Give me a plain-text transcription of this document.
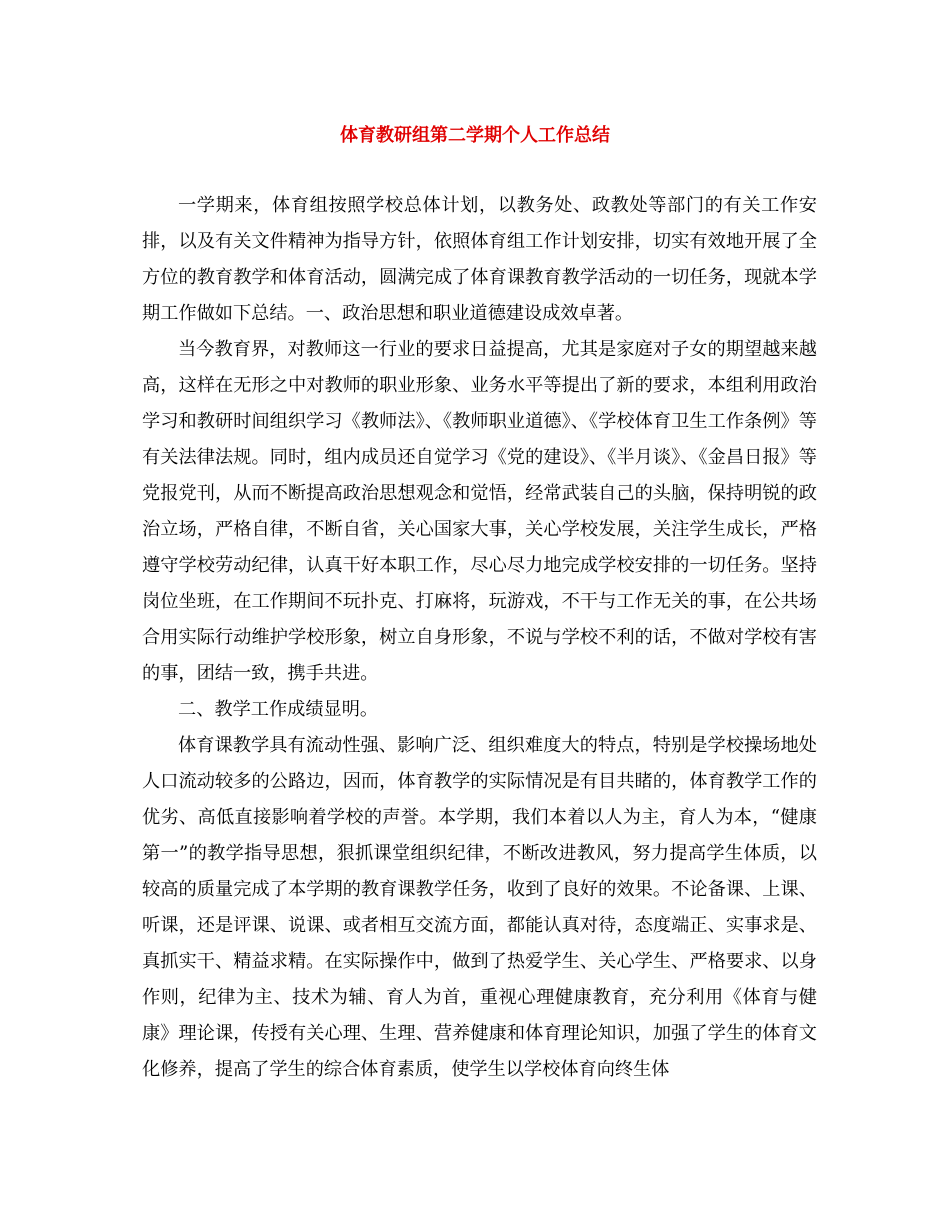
体育教研组第二学期个人工作总结

一学期来，体育组按照学校总体计划，以教务处、政教处等部门的有关工作安排，以及有关文件精神为指导方针，依照体育组工作计划安排，切实有效地开展了全方位的教育教学和体育活动，圆满完成了体育课教育教学活动的一切任务，现就本学期工作做如下总结。一、政治思想和职业道德建设成效卓著。

当今教育界，对教师这一行业的要求日益提高，尤其是家庭对子女的期望越来越高，这样在无形之中对教师的职业形象、业务水平等提出了新的要求，本组利用政治学习和教研时间组织学习《教师法》、《教师职业道德》、《学校体育卫生工作条例》等有关法律法规。同时，组内成员还自觉学习《党的建设》、《半月谈》、《金昌日报》等党报党刊，从而不断提高政治思想观念和觉悟，经常武装自己的头脑，保持明锐的政治立场，严格自律，不断自省，关心国家大事，关心学校发展，关注学生成长，严格遵守学校劳动纪律，认真干好本职工作，尽心尽力地完成学校安排的一切任务。坚持岗位坐班，在工作期间不玩扑克、打麻将，玩游戏，不干与工作无关的事，在公共场合用实际行动维护学校形象，树立自身形象，不说与学校不利的话，不做对学校有害的事，团结一致，携手共进。

二、教学工作成绩显明。

体育课教学具有流动性强、影响广泛、组织难度大的特点，特别是学校操场地处人口流动较多的公路边，因而，体育教学的实际情况是有目共睹的，体育教学工作的优劣、高低直接影响着学校的声誉。本学期，我们本着以人为主，育人为本，“健康第一”的教学指导思想，狠抓课堂组织纪律，不断改进教风，努力提高学生体质，以较高的质量完成了本学期的教育课教学任务，收到了良好的效果。不论备课、上课、听课，还是评课、说课、或者相互交流方面，都能认真对待，态度端正、实事求是、真抓实干、精益求精。在实际操作中，做到了热爱学生、关心学生、严格要求、以身作则，纪律为主、技术为辅、育人为首，重视心理健康教育，充分利用《体育与健康》理论课，传授有关心理、生理、营养健康和体育理论知识，加强了学生的体育文化修养，提高了学生的综合体育素质，使学生以学校体育向终生体
